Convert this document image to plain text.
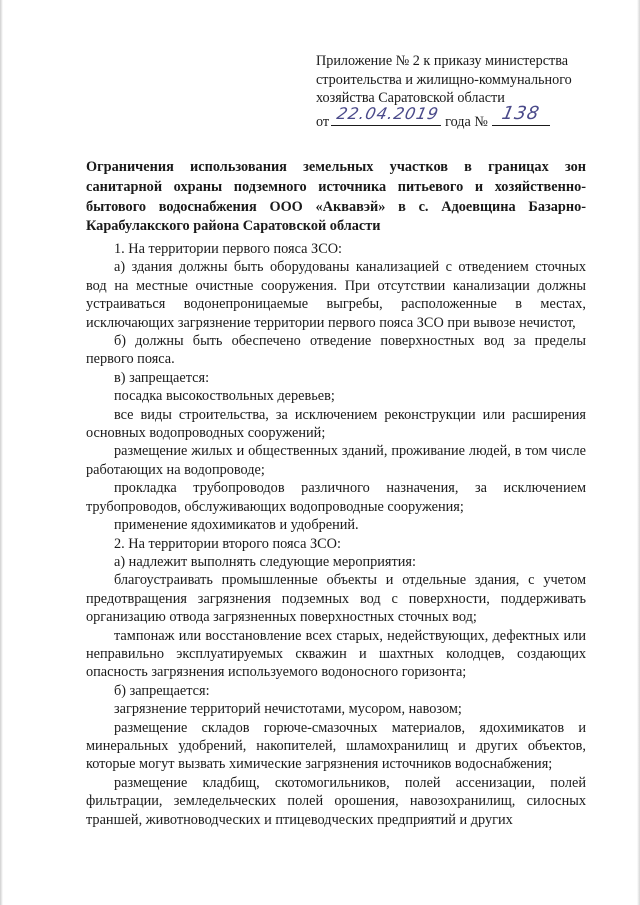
Приложение № 2 к приказу министерства
строительства и жилищно-коммунального
хозяйства Саратовской области
от 22.04.2019 года № 138
Ограничения использования земельных участков в границах зон санитарной охраны подземного источника питьевого и хозяйственно-бытового водоснабжения ООО «Аквавэй» в с. Адоевщина Базарно-Карабулакского района Саратовской области

1. На территории первого пояса ЗСО:

а) здания должны быть оборудованы канализацией с отведением сточных вод на местные очистные сооружения. При отсутствии канализации должны устраиваться водонепроницаемые выгребы, расположенные в местах, исключающих загрязнение территории первого пояса ЗСО при вывозе нечистот,

б) должны быть обеспечено отведение поверхностных вод за пределы первого пояса.

в) запрещается:

посадка высокоствольных деревьев;

все виды строительства, за исключением реконструкции или расширения основных водопроводных сооружений;

размещение жилых и общественных зданий, проживание людей, в том числе работающих на водопроводе;

прокладка трубопроводов различного назначения, за исключением трубопроводов, обслуживающих водопроводные сооружения;

применение ядохимикатов и удобрений.

2. На территории второго пояса ЗСО:

а) надлежит выполнять следующие мероприятия:

благоустраивать промышленные объекты и отдельные здания, с учетом предотвращения загрязнения подземных вод с поверхности, поддерживать организацию отвода загрязненных поверхностных сточных вод;

тампонаж или восстановление всех старых, недействующих, дефектных или неправильно эксплуатируемых скважин и шахтных колодцев, создающих опасность загрязнения используемого водоносного горизонта;

б) запрещается:

загрязнение территорий нечистотами, мусором, навозом;

размещение складов горюче-смазочных материалов, ядохимикатов и минеральных удобрений, накопителей, шламохранилищ и других объектов, которые могут вызвать химические загрязнения источников водоснабжения;

размещение кладбищ, скотомогильников, полей ассенизации, полей фильтрации, земледельческих полей орошения, навозохранилищ, силосных траншей, животноводческих и птицеводческих предприятий и других
